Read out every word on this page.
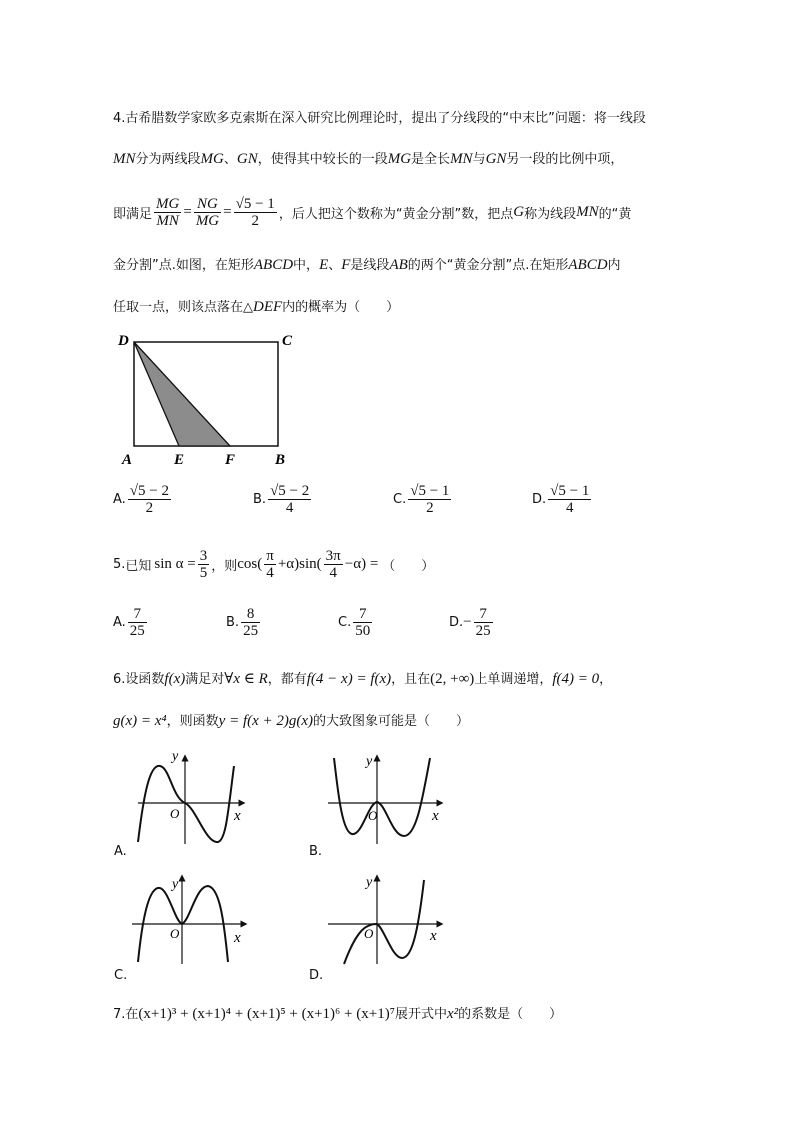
4.古希腊数学家欧多克索斯在深入研究比例理论时，提出了分线段的“中末比”问题：将一线段
MN分为两线段MG、GN，使得其中较长的一段MG是全长MN与GN另一段的比例中项，
即满足 $\frac{MG}{MN} = \frac{NG}{MG} = \frac{√5 - 1}{2}$ ，后人把这个数称为“黄金分割”数，把点 G 称为线段 MN 的“黄
金分割”点.如图，在矩形ABCD中，E、F是线段AB的两个“黄金分割”点.在矩形ABCD内
任取一点，则该点落在△DEF内的概率为（　　）
D	C
A	E	F	B
A. $\frac{√5 - 2}{2}$	B. $\frac{√5 - 2}{4}$	C. $\frac{√5 - 1}{2}$	D. $\frac{√5 - 1}{4}$
5. 已知 $\sin \alpha = \frac{3}{5}$ ，则 $\cos( \frac{\pi}{4} +\alpha)\sin( \frac{3\pi}{4} -\alpha)$ = （　　）
A. $\frac{7}{25}$	B. $\frac{8}{25}$	C. $\frac{7}{50}$	D. − $\frac{7}{25}$
6.设函数f(x)满足对∀x ∈ R，都有f(4 − x) = f(x)，且在(2, +∞)上单调递增，f(4) = 0，
g(x) = x⁴，则函数y = f(x + 2)g(x)的大致图象可能是（　　）
y
x
O
A.
y
x
O
B.
y
x
O
C.
y
x
O
D.
7.在(x+1)³ + (x+1)⁴ + (x+1)⁵ + (x+1)⁶ + (x+1)⁷展开式中x²的系数是（　　）
